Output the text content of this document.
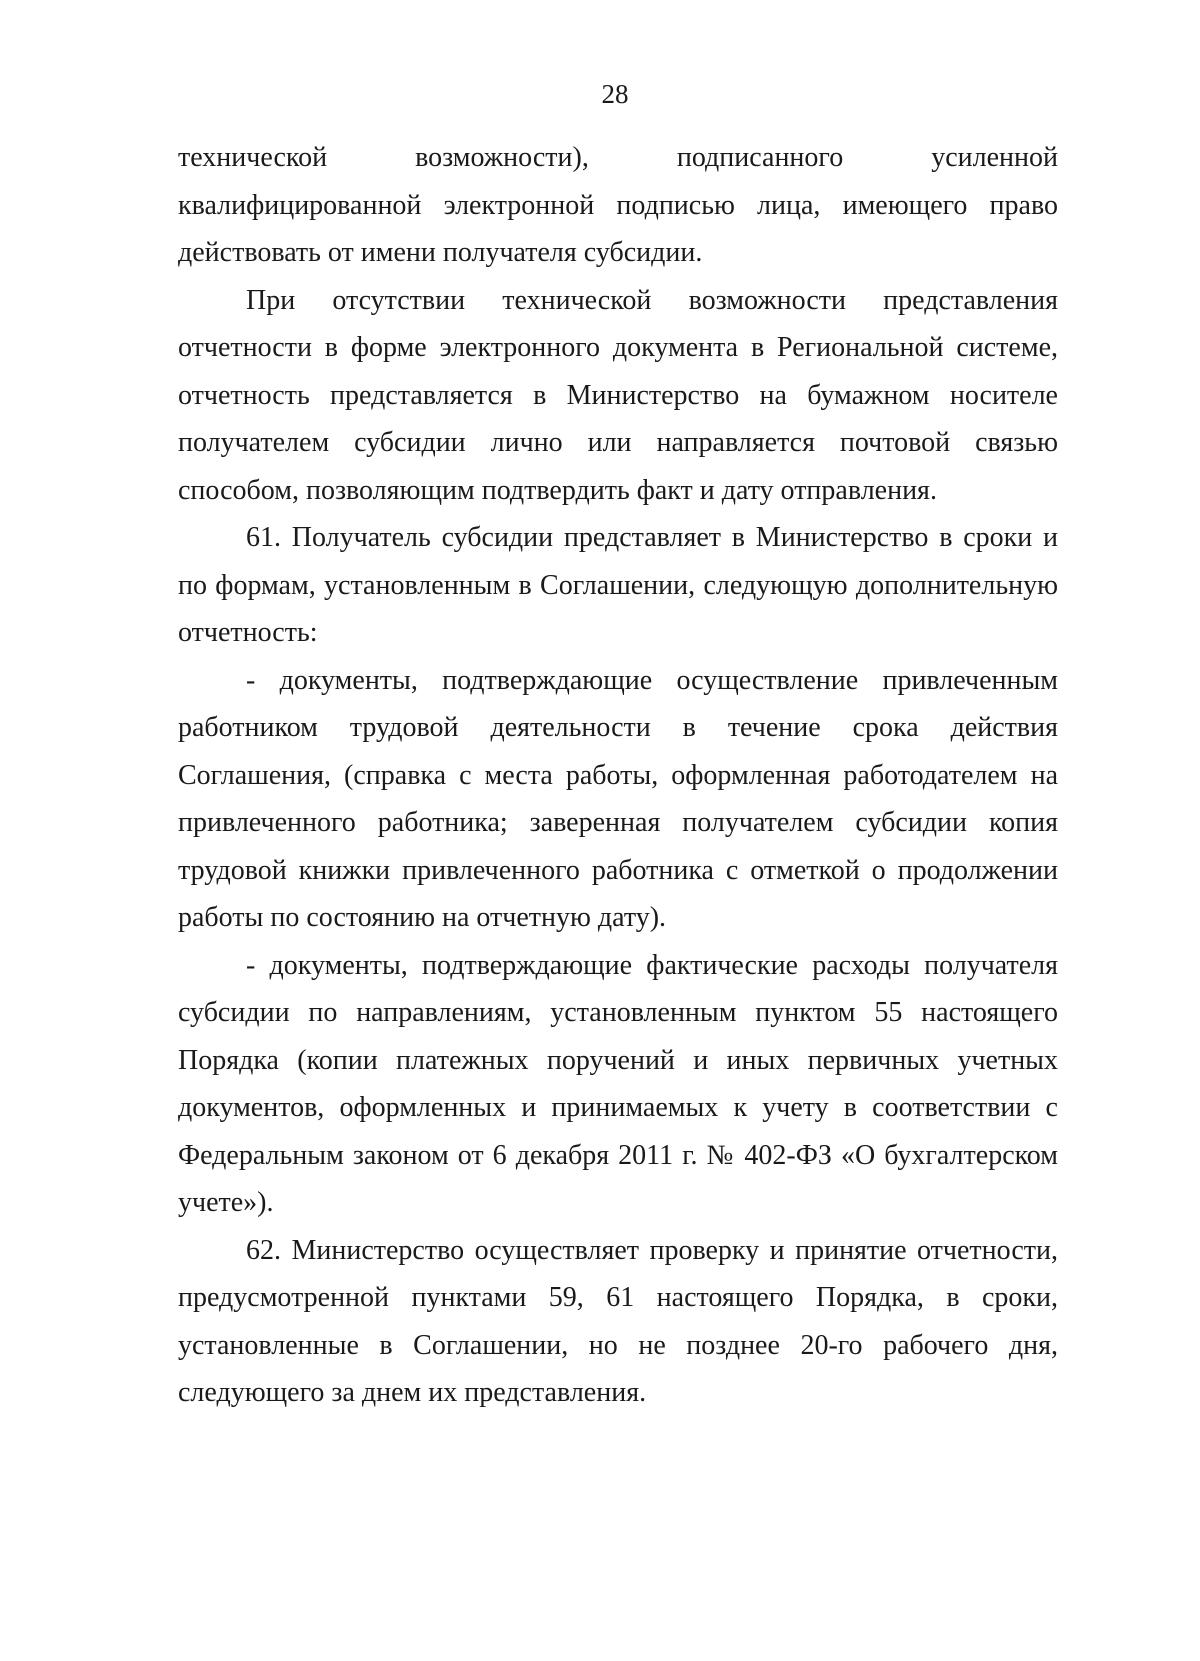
28

технической возможности), подписанного усиленной квалифицированной электронной подписью лица, имеющего право действовать от имени получателя субсидии.

При отсутствии технической возможности представления отчетности в форме электронного документа в Региональной системе, отчетность представляется в Министерство на бумажном носителе получателем субсидии лично или направляется почтовой связью способом, позволяющим подтвердить факт и дату отправления.

61. Получатель субсидии представляет в Министерство в сроки и по формам, установленным в Соглашении, следующую дополнительную отчетность:

- документы, подтверждающие осуществление привлеченным работником трудовой деятельности в течение срока действия Соглашения, (справка с места работы, оформленная работодателем на привлеченного работника; заверенная получателем субсидии копия трудовой книжки привлеченного работника с отметкой о продолжении работы по состоянию на отчетную дату).

- документы, подтверждающие фактические расходы получателя субсидии по направлениям, установленным пунктом 55 настоящего Порядка (копии платежных поручений и иных первичных учетных документов, оформленных и принимаемых к учету в соответствии с Федеральным законом от 6 декабря 2011 г. № 402-ФЗ «О бухгалтерском учете»).

62. Министерство осуществляет проверку и принятие отчетности, предусмотренной пунктами 59, 61 настоящего Порядка, в сроки, установленные в Соглашении, но не позднее 20-го рабочего дня, следующего за днем их представления.
